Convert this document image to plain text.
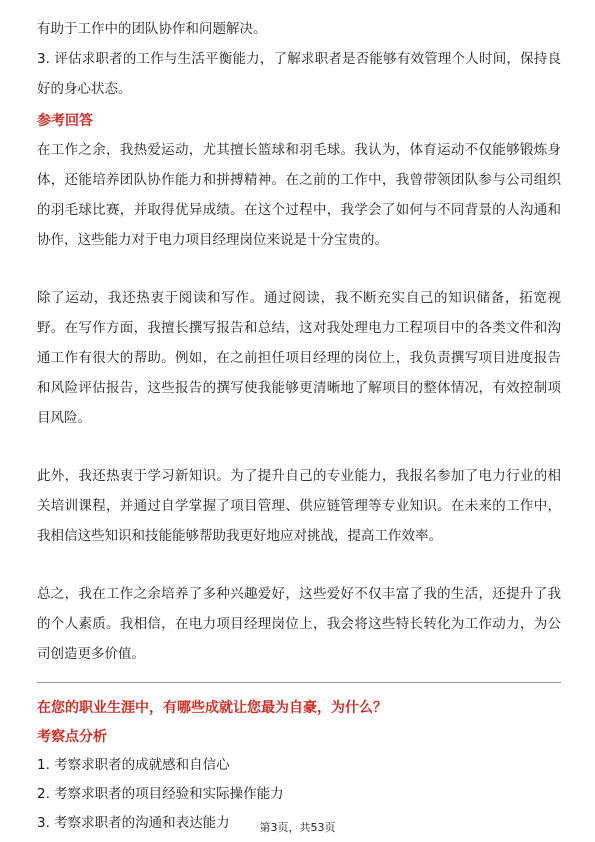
有助于工作中的团队协作和问题解决。

3. 评估求职者的工作与生活平衡能力，了解求职者是否能够有效管理个人时间，保持良好的身心状态。

参考回答

在工作之余，我热爱运动，尤其擅长篮球和羽毛球。我认为，体育运动不仅能够锻炼身体，还能培养团队协作能力和拼搏精神。在之前的工作中，我曾带领团队参与公司组织的羽毛球比赛，并取得优异成绩。在这个过程中，我学会了如何与不同背景的人沟通和协作，这些能力对于电力项目经理岗位来说是十分宝贵的。

除了运动，我还热衷于阅读和写作。通过阅读，我不断充实自己的知识储备，拓宽视野。在写作方面，我擅长撰写报告和总结，这对我处理电力工程项目中的各类文件和沟通工作有很大的帮助。例如，在之前担任项目经理的岗位上，我负责撰写项目进度报告和风险评估报告，这些报告的撰写使我能够更清晰地了解项目的整体情况，有效控制项目风险。

此外，我还热衷于学习新知识。为了提升自己的专业能力，我报名参加了电力行业的相关培训课程，并通过自学掌握了项目管理、供应链管理等专业知识。在未来的工作中，我相信这些知识和技能能够帮助我更好地应对挑战，提高工作效率。

总之，我在工作之余培养了多种兴趣爱好，这些爱好不仅丰富了我的生活，还提升了我的个人素质。我相信，在电力项目经理岗位上，我会将这些特长转化为工作动力，为公司创造更多价值。

在您的职业生涯中，有哪些成就让您最为自豪，为什么？
考察点分析

1. 考察求职者的成就感和自信心

2. 考察求职者的项目经验和实际操作能力

3. 考察求职者的沟通和表达能力	第3页，共53页
